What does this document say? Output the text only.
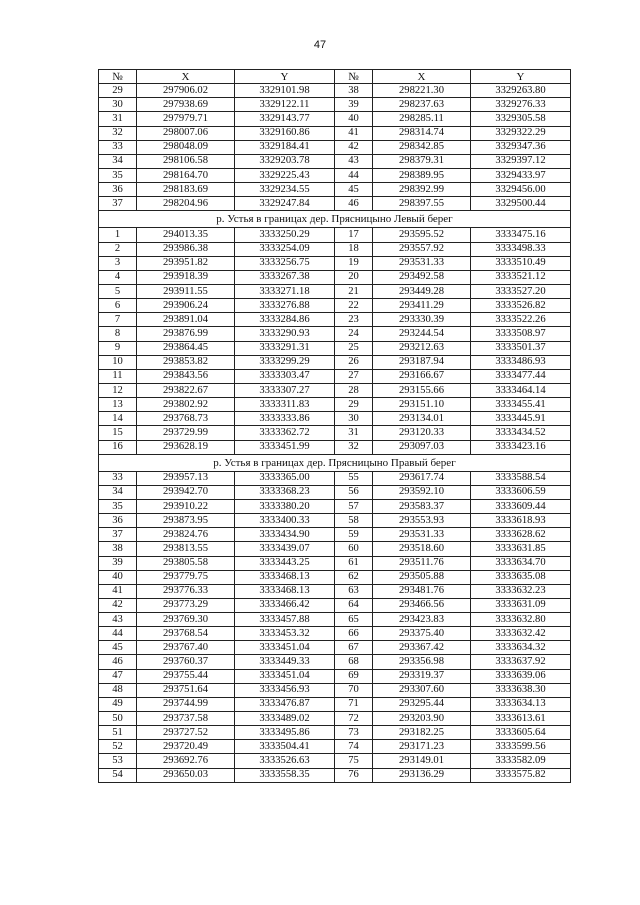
47
№	X	Y	№	X	Y
29	297906.02	3329101.98	38	298221.30	3329263.80
30	297938.69	3329122.11	39	298237.63	3329276.33
31	297979.71	3329143.77	40	298285.11	3329305.58
32	298007.06	3329160.86	41	298314.74	3329322.29
33	298048.09	3329184.41	42	298342.85	3329347.36
34	298106.58	3329203.78	43	298379.31	3329397.12
35	298164.70	3329225.43	44	298389.95	3329433.97
36	298183.69	3329234.55	45	298392.99	3329456.00
37	298204.96	3329247.84	46	298397.55	3329500.44
р. Устья в границах дер. Прясницыно Левый берег					
1	294013.35	3333250.29	17	293595.52	3333475.16
2	293986.38	3333254.09	18	293557.92	3333498.33
3	293951.82	3333256.75	19	293531.33	3333510.49
4	293918.39	3333267.38	20	293492.58	3333521.12
5	293911.55	3333271.18	21	293449.28	3333527.20
6	293906.24	3333276.88	22	293411.29	3333526.82
7	293891.04	3333284.86	23	293330.39	3333522.26
8	293876.99	3333290.93	24	293244.54	3333508.97
9	293864.45	3333291.31	25	293212.63	3333501.37
10	293853.82	3333299.29	26	293187.94	3333486.93
11	293843.56	3333303.47	27	293166.67	3333477.44
12	293822.67	3333307.27	28	293155.66	3333464.14
13	293802.92	3333311.83	29	293151.10	3333455.41
14	293768.73	3333333.86	30	293134.01	3333445.91
15	293729.99	3333362.72	31	293120.33	3333434.52
16	293628.19	3333451.99	32	293097.03	3333423.16
р. Устья в границах дер. Прясницыно Правый берег					
33	293957.13	3333365.00	55	293617.74	3333588.54
34	293942.70	3333368.23	56	293592.10	3333606.59
35	293910.22	3333380.20	57	293583.37	3333609.44
36	293873.95	3333400.33	58	293553.93	3333618.93
37	293824.76	3333434.90	59	293531.33	3333628.62
38	293813.55	3333439.07	60	293518.60	3333631.85
39	293805.58	3333443.25	61	293511.76	3333634.70
40	293779.75	3333468.13	62	293505.88	3333635.08
41	293776.33	3333468.13	63	293481.76	3333632.23
42	293773.29	3333466.42	64	293466.56	3333631.09
43	293769.30	3333457.88	65	293423.83	3333632.80
44	293768.54	3333453.32	66	293375.40	3333632.42
45	293767.40	3333451.04	67	293367.42	3333634.32
46	293760.37	3333449.33	68	293356.98	3333637.92
47	293755.44	3333451.04	69	293319.37	3333639.06
48	293751.64	3333456.93	70	293307.60	3333638.30
49	293744.99	3333476.87	71	293295.44	3333634.13
50	293737.58	3333489.02	72	293203.90	3333613.61
51	293727.52	3333495.86	73	293182.25	3333605.64
52	293720.49	3333504.41	74	293171.23	3333599.56
53	293692.76	3333526.63	75	293149.01	3333582.09
54	293650.03	3333558.35	76	293136.29	3333575.82
